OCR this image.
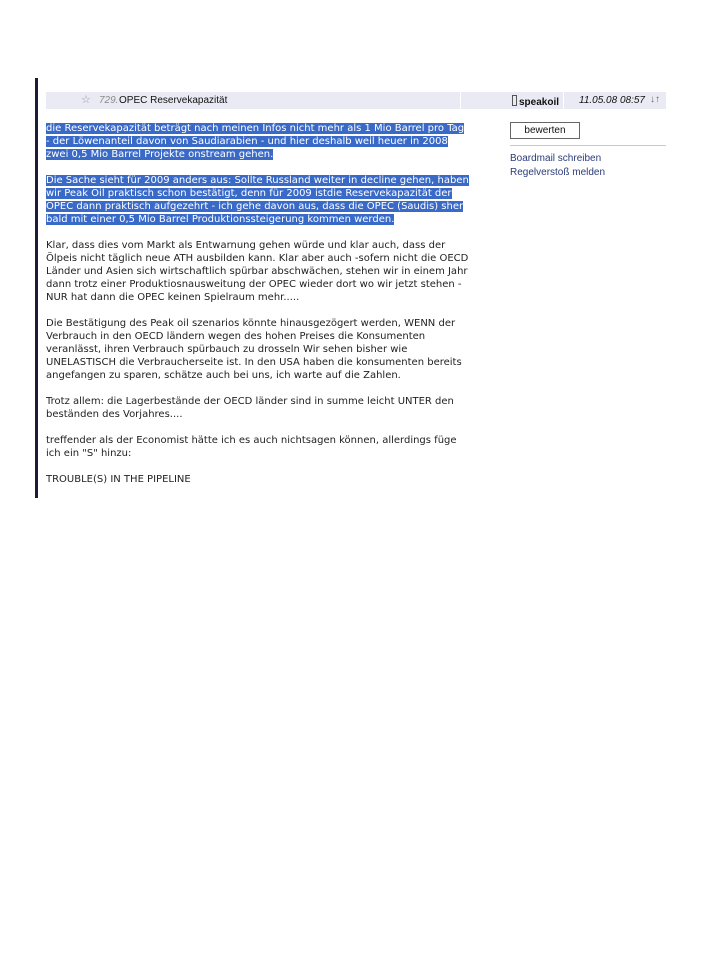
☆ 729. OPEC Reservekapazität	speakoil 11.05.08 08:57 ↓↑

die Reservekapazität beträgt nach meinen Infos nicht mehr als 1 Mio Barrel pro Tag
- der Löwenanteil davon von Saudiarabien - und hier deshalb weil heuer in 2008
zwei 0,5 Mio Barrel Projekte onstream gehen.

Die Sache sieht für 2009 anders aus: Sollte Russland weiter in decline gehen, haben
wir Peak Oil praktisch schon bestätigt, denn für 2009 istdie Reservekapazität der
OPEC dann praktisch aufgezehrt - ich gehe davon aus, dass die OPEC (Saudis) sher
bald mit einer 0,5 Mio Barrel Produktionssteigerung kommen werden.

Klar, dass dies vom Markt als Entwarnung gehen würde und klar auch, dass der
Ölpeis nicht täglich neue ATH ausbilden kann. Klar aber auch -sofern nicht die OECD
Länder und Asien sich wirtschaftlich spürbar abschwächen, stehen wir in einem Jahr
dann trotz einer Produktiosnausweitung der OPEC wieder dort wo wir jetzt stehen -
NUR hat dann die OPEC keinen Spielraum mehr.....

Die Bestätigung des Peak oil szenarios könnte hinausgezögert werden, WENN der
Verbrauch in den OECD ländern wegen des hohen Preises die Konsumenten
veranlässt, ihren Verbrauch spürbauch zu drosseln Wir sehen bisher wie
UNELASTISCH die Verbraucherseite ist. In den USA haben die konsumenten bereits
angefangen zu sparen, schätze auch bei uns, ich warte auf die Zahlen.

Trotz allem: die Lagerbestände der OECD länder sind in summe leicht UNTER den
beständen des Vorjahres....

treffender als der Economist hätte ich es auch nichtsagen können, allerdings füge
ich ein "S" hinzu:

TROUBLE(S) IN THE PIPELINE

bewerten
Boardmail schreiben
Regelverstoß melden
